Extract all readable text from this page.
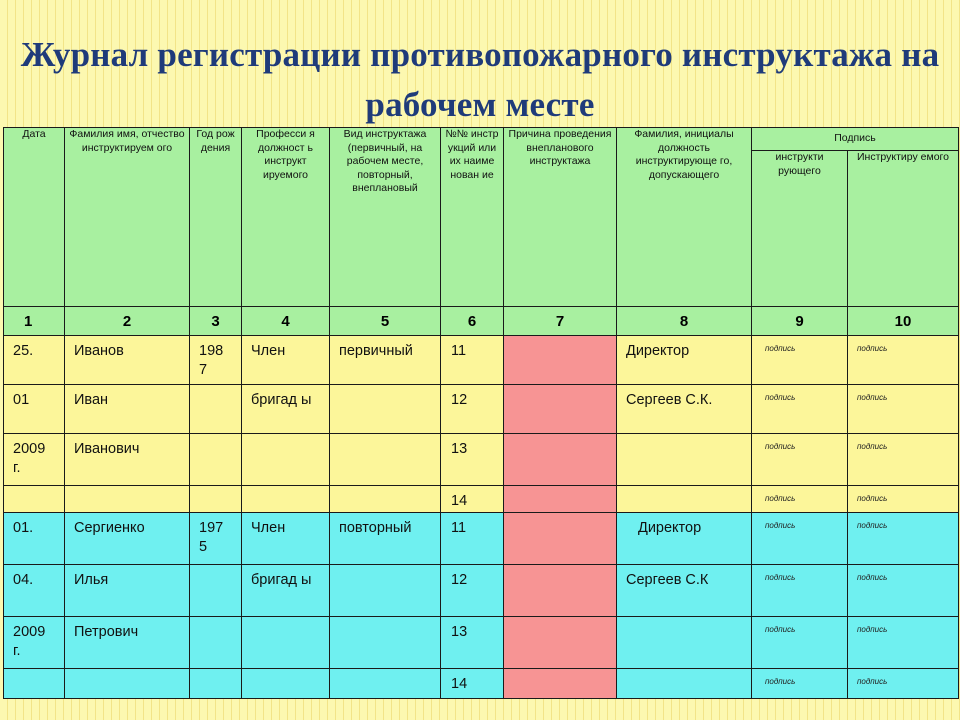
Журнал регистрации противопожарного инструктажа на рабочем месте
Дата	Фамилия имя, отчество инструктируем ого	Год рож дения	Професси я должност ь инструкт ируемого	Вид инструктажа (первичный, на рабочем месте, повторный, внеплановый	№№ инстр укций или их наиме нован ие	Причина проведения внепланового инструктажа	Фамилия, инициалы должность инструктирующе го, допускающего	Подпись	
								инструкти рующего	Инструктиру емого
1	2	3	4	5	6	7	8	9	10

25.	Иванов	198 7	Член	первичный	11		Директор	подпись	подпись

01	Иван		бригад ы		12		Сергеев С.К.	подпись	подпись

2009 г.	Иванович				13			подпись	подпись

					14			подпись	подпись

01.	Сергиенко	197 5	Член	повторный	11		Директор	подпись	подпись

04.	Илья		бригад ы		12		Сергеев С.К	подпись	подпись

2009 г.	Петрович				13			подпись	подпись

					14			подпись	подпись
